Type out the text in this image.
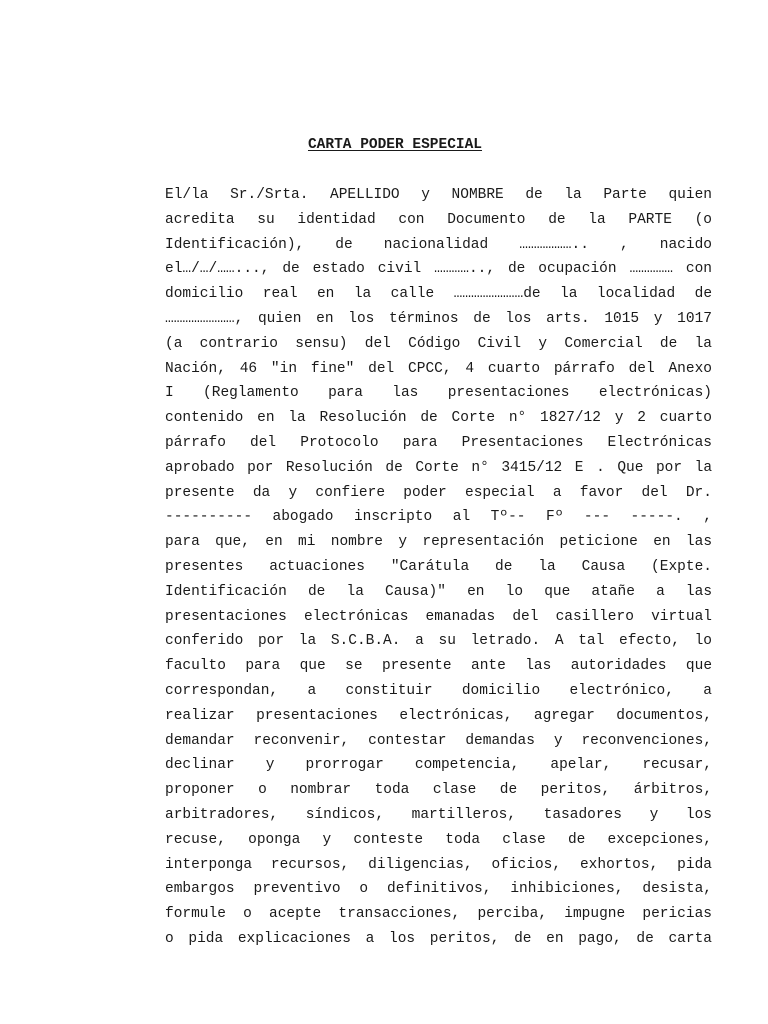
CARTA PODER ESPECIAL
El/la Sr./Srta. APELLIDO y NOMBRE de la Parte quien
acredita su identidad con Documento de la PARTE (o
Identificación), de nacionalidad ……………….. , nacido
el…/…/……..., de estado civil ………….., de ocupación …………… con
domicilio real en la calle ……………………de la localidad de
……………………, quien en los términos de los arts. 1015 y 1017
(a contrario sensu) del Código Civil y Comercial de la
Nación, 46 "in fine" del CPCC, 4 cuarto párrafo del Anexo
I (Reglamento para las presentaciones electrónicas)
contenido en la Resolución de Corte n° 1827/12 y 2 cuarto
párrafo del Protocolo para Presentaciones Electrónicas
aprobado por Resolución de Corte n° 3415/12 E . Que por la
presente da y confiere poder especial a favor del Dr.
---------- abogado inscripto al Tº-- Fº --- -----. ,
para que, en mi nombre y representación peticione en las
presentes actuaciones "Carátula de la Causa (Expte.
Identificación de la Causa)" en lo que atañe a las
presentaciones electrónicas emanadas del casillero virtual
conferido por la S.C.B.A. a su letrado. A tal efecto, lo
faculto para que se presente ante las autoridades que
correspondan, a constituir domicilio electrónico, a
realizar presentaciones electrónicas, agregar documentos,
demandar reconvenir, contestar demandas y reconvenciones,
declinar y prorrogar competencia, apelar, recusar,
proponer o nombrar toda clase de peritos, árbitros,
arbitradores, síndicos, martilleros, tasadores y los
recuse, oponga y conteste toda clase de excepciones,
interponga recursos, diligencias, oficios, exhortos, pida
embargos preventivo o definitivos, inhibiciones, desista,
formule o acepte transacciones, perciba, impugne pericias
o pida explicaciones a los peritos, de en pago, de carta
